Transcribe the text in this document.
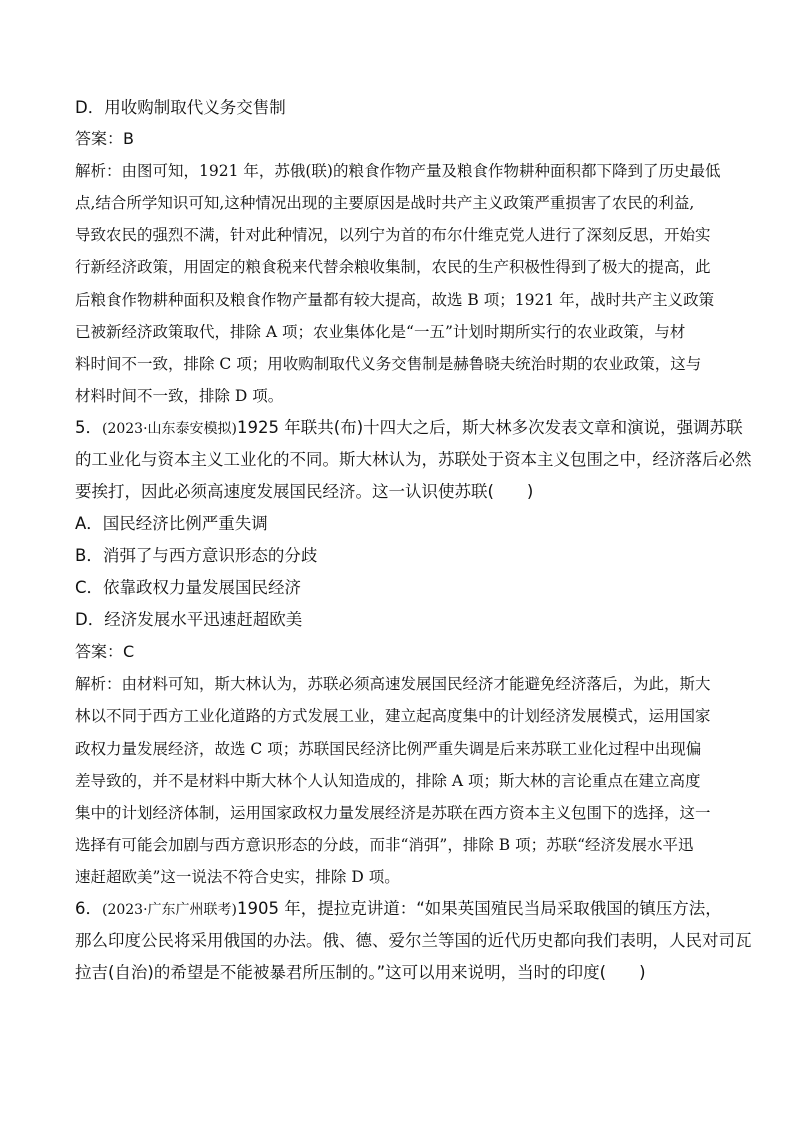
D．用收购制取代义务交售制
答案：B
解析：由图可知，1921 年，苏俄(联)的粮食作物产量及粮食作物耕种面积都下降到了历史最低
点,结合所学知识可知,这种情况出现的主要原因是战时共产主义政策严重损害了农民的利益,
导致农民的强烈不满，针对此种情况，以列宁为首的布尔什维克党人进行了深刻反思，开始实
行新经济政策，用固定的粮食税来代替余粮收集制，农民的生产积极性得到了极大的提高，此
后粮食作物耕种面积及粮食作物产量都有较大提高，故选 B 项；1921 年，战时共产主义政策
已被新经济政策取代，排除 A 项；农业集体化是“一五”计划时期所实行的农业政策，与材
料时间不一致，排除 C 项；用收购制取代义务交售制是赫鲁晓夫统治时期的农业政策，这与
材料时间不一致，排除 D 项。
5．(2023·山东泰安模拟)1925 年联共(布)十四大之后，斯大林多次发表文章和演说，强调苏联
的工业化与资本主义工业化的不同。斯大林认为，苏联处于资本主义包围之中，经济落后必然
要挨打，因此必须高速度发展国民经济。这一认识使苏联(　　)
A．国民经济比例严重失调
B．消弭了与西方意识形态的分歧
C．依靠政权力量发展国民经济
D．经济发展水平迅速赶超欧美
答案：C
解析：由材料可知，斯大林认为，苏联必须高速发展国民经济才能避免经济落后，为此，斯大
林以不同于西方工业化道路的方式发展工业，建立起高度集中的计划经济发展模式，运用国家
政权力量发展经济，故选 C 项；苏联国民经济比例严重失调是后来苏联工业化过程中出现偏
差导致的，并不是材料中斯大林个人认知造成的，排除 A 项；斯大林的言论重点在建立高度
集中的计划经济体制，运用国家政权力量发展经济是苏联在西方资本主义包围下的选择，这一
选择有可能会加剧与西方意识形态的分歧，而非“消弭”，排除 B 项；苏联“经济发展水平迅
速赶超欧美”这一说法不符合史实，排除 D 项。
6．(2023·广东广州联考)1905 年，提拉克讲道：“如果英国殖民当局采取俄国的镇压方法，
那么印度公民将采用俄国的办法。俄、德、爱尔兰等国的近代历史都向我们表明，人民对司瓦
拉吉(自治)的希望是不能被暴君所压制的。”这可以用来说明，当时的印度(　　)
